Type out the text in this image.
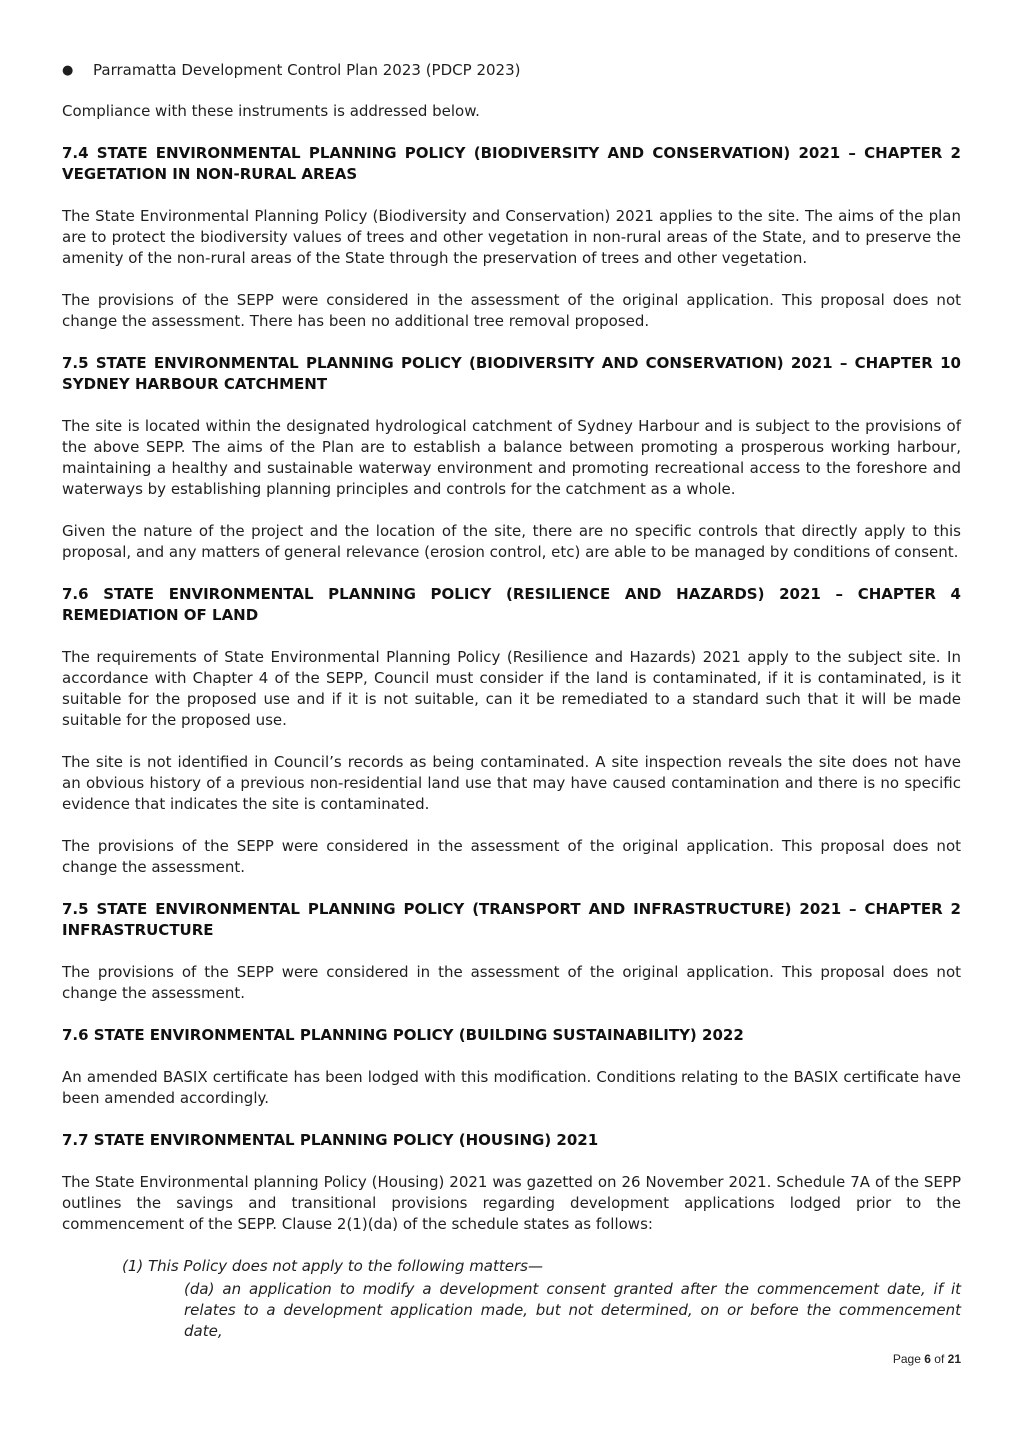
●	Parramatta Development Control Plan 2023 (PDCP 2023)

Compliance with these instruments is addressed below.

7.4 STATE ENVIRONMENTAL PLANNING POLICY (BIODIVERSITY AND CONSERVATION) 2021 – CHAPTER 2 VEGETATION IN NON-RURAL AREAS

The State Environmental Planning Policy (Biodiversity and Conservation) 2021 applies to the site. The aims of the plan are to protect the biodiversity values of trees and other vegetation in non-rural areas of the State, and to preserve the amenity of the non-rural areas of the State through the preservation of trees and other vegetation.

The provisions of the SEPP were considered in the assessment of the original application. This proposal does not change the assessment. There has been no additional tree removal proposed.

7.5 STATE ENVIRONMENTAL PLANNING POLICY (BIODIVERSITY AND CONSERVATION) 2021 – CHAPTER 10 SYDNEY HARBOUR CATCHMENT

The site is located within the designated hydrological catchment of Sydney Harbour and is subject to the provisions of the above SEPP. The aims of the Plan are to establish a balance between promoting a prosperous working harbour, maintaining a healthy and sustainable waterway environment and promoting recreational access to the foreshore and waterways by establishing planning principles and controls for the catchment as a whole.

Given the nature of the project and the location of the site, there are no specific controls that directly apply to this proposal, and any matters of general relevance (erosion control, etc) are able to be managed by conditions of consent.

7.6 STATE ENVIRONMENTAL PLANNING POLICY (RESILIENCE AND HAZARDS) 2021 – CHAPTER 4 REMEDIATION OF LAND

The requirements of State Environmental Planning Policy (Resilience and Hazards) 2021 apply to the subject site. In accordance with Chapter 4 of the SEPP, Council must consider if the land is contaminated, if it is contaminated, is it suitable for the proposed use and if it is not suitable, can it be remediated to a standard such that it will be made suitable for the proposed use.

The site is not identified in Council’s records as being contaminated. A site inspection reveals the site does not have an obvious history of a previous non-residential land use that may have caused contamination and there is no specific evidence that indicates the site is contaminated.

The provisions of the SEPP were considered in the assessment of the original application. This proposal does not change the assessment.

7.5 STATE ENVIRONMENTAL PLANNING POLICY (TRANSPORT AND INFRASTRUCTURE) 2021 – CHAPTER 2 INFRASTRUCTURE

The provisions of the SEPP were considered in the assessment of the original application. This proposal does not change the assessment.

7.6 STATE ENVIRONMENTAL PLANNING POLICY (BUILDING SUSTAINABILITY) 2022

An amended BASIX certificate has been lodged with this modification. Conditions relating to the BASIX certificate have been amended accordingly.

7.7 STATE ENVIRONMENTAL PLANNING POLICY (HOUSING) 2021

The State Environmental planning Policy (Housing) 2021 was gazetted on 26 November 2021. Schedule 7A of the SEPP outlines the savings and transitional provisions regarding development applications lodged prior to the commencement of the SEPP. Clause 2(1)(da) of the schedule states as follows:

(1) This Policy does not apply to the following matters—
(da) an application to modify a development consent granted after the commencement date, if it relates to a development application made, but not determined, on or before the commencement date,
Page 6 of 21
